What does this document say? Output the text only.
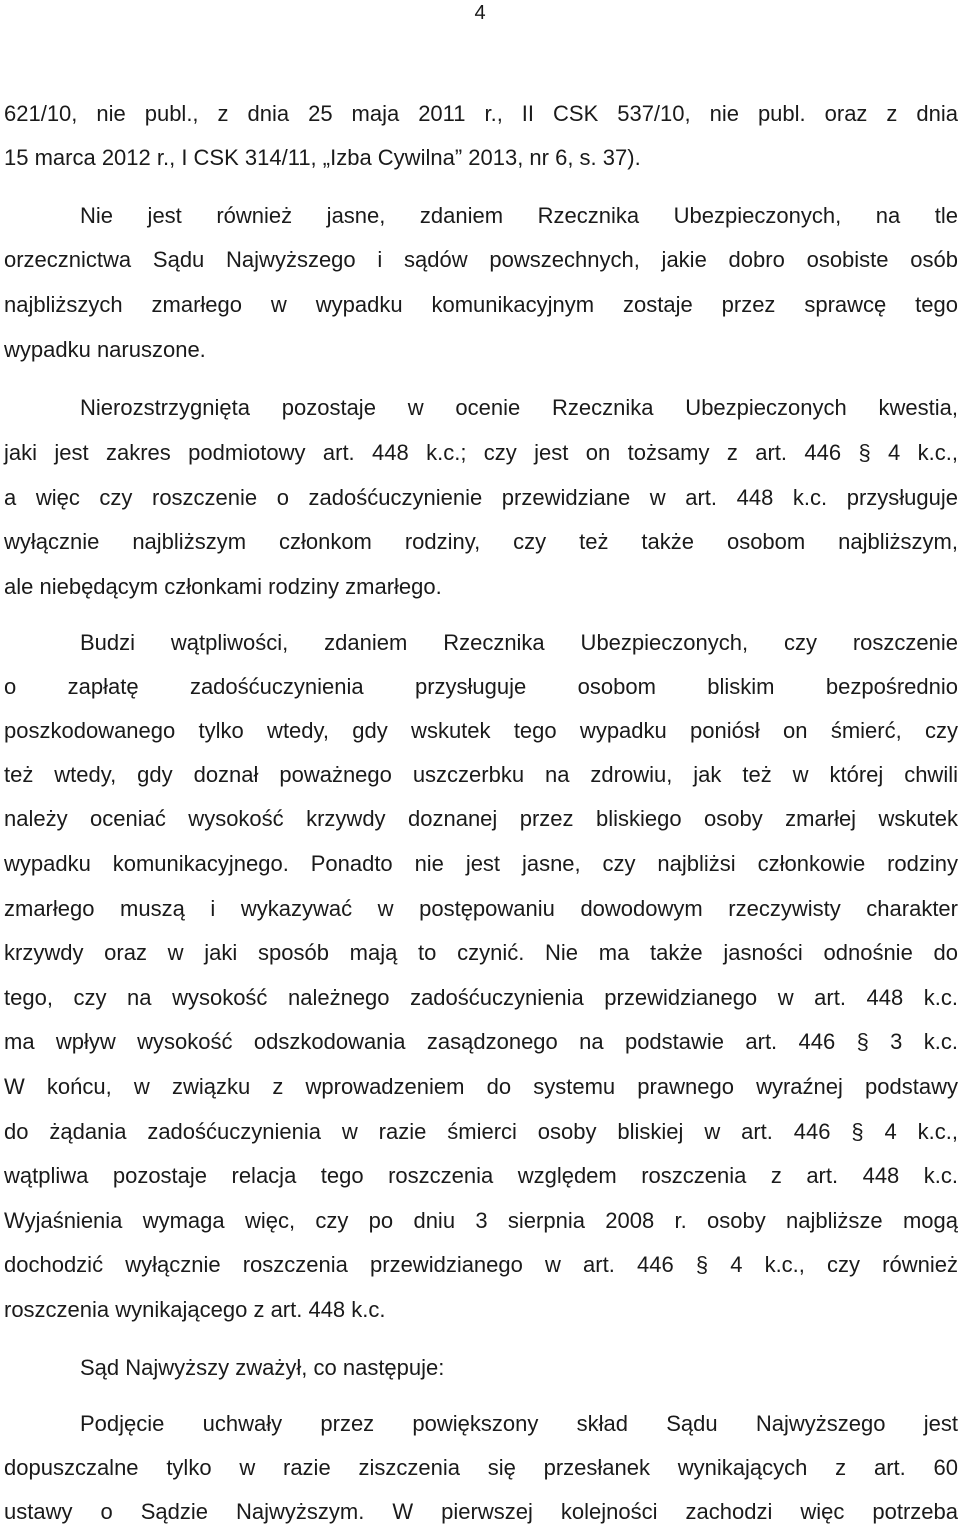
4
621/10, nie publ., z dnia 25 maja 2011 r., II CSK 537/10, nie publ. oraz z dnia
15 marca 2012 r., I CSK 314/11, „Izba Cywilna” 2013, nr 6, s. 37).
Nie jest również jasne, zdaniem Rzecznika Ubezpieczonych, na tle
orzecznictwa Sądu Najwyższego i sądów powszechnych, jakie dobro osobiste osób
najbliższych zmarłego w wypadku komunikacyjnym zostaje przez sprawcę tego
wypadku naruszone.
Nierozstrzygnięta pozostaje w ocenie Rzecznika Ubezpieczonych kwestia,
jaki jest zakres podmiotowy art. 448 k.c.; czy jest on tożsamy z art. 446 § 4 k.c.,
a więc czy roszczenie o zadośćuczynienie przewidziane w art. 448 k.c. przysługuje
wyłącznie najbliższym członkom rodziny, czy też także osobom najbliższym,
ale niebędącym członkami rodziny zmarłego.
Budzi wątpliwości, zdaniem Rzecznika Ubezpieczonych, czy roszczenie
o zapłatę zadośćuczynienia przysługuje osobom bliskim bezpośrednio
poszkodowanego tylko wtedy, gdy wskutek tego wypadku poniósł on śmierć, czy
też wtedy, gdy doznał poważnego uszczerbku na zdrowiu, jak też w której chwili
należy oceniać wysokość krzywdy doznanej przez bliskiego osoby zmarłej wskutek
wypadku komunikacyjnego. Ponadto nie jest jasne, czy najbliżsi członkowie rodziny
zmarłego muszą i wykazywać w postępowaniu dowodowym rzeczywisty charakter
krzywdy oraz w jaki sposób mają to czynić. Nie ma także jasności odnośnie do
tego, czy na wysokość należnego zadośćuczynienia przewidzianego w art. 448 k.c.
ma wpływ wysokość odszkodowania zasądzonego na podstawie art. 446 § 3 k.c.
W końcu, w związku z wprowadzeniem do systemu prawnego wyraźnej podstawy
do żądania zadośćuczynienia w razie śmierci osoby bliskiej w art. 446 § 4 k.c.,
wątpliwa pozostaje relacja tego roszczenia względem roszczenia z art. 448 k.c.
Wyjaśnienia wymaga więc, czy po dniu 3 sierpnia 2008 r. osoby najbliższe mogą
dochodzić wyłącznie roszczenia przewidzianego w art. 446 § 4 k.c., czy również
roszczenia wynikającego z art. 448 k.c.
Sąd Najwyższy zważył, co następuje:
Podjęcie uchwały przez powiększony skład Sądu Najwyższego jest
dopuszczalne tylko w razie ziszczenia się przesłanek wynikających z art. 60
ustawy o Sądzie Najwyższym. W pierwszej kolejności zachodzi więc potrzeba
